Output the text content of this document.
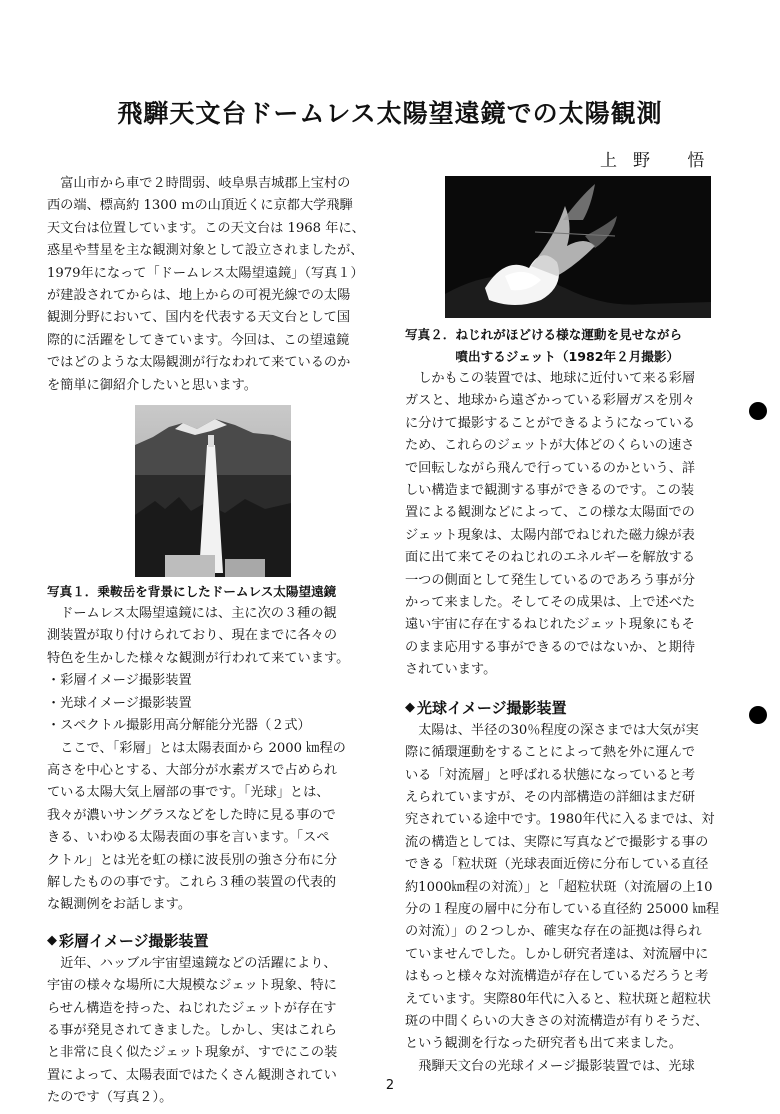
飛騨天文台ドームレス太陽望遠鏡での太陽観測
上野 悟

富山市から車で２時間弱、岐阜県吉城郡上宝村の
西の端、標高約 1300 ｍの山頂近くに京都大学飛騨
天文台は位置しています。この天文台は 1968 年に、
惑星や彗星を主な観測対象として設立されましたが、
1979年になって「ドームレス太陽望遠鏡」（写真１）
が建設されてからは、地上からの可視光線での太陽
観測分野において、国内を代表する天文台として国
際的に活躍をしてきています。今回は、この望遠鏡
ではどのような太陽観測が行なわれて来ているのか
を簡単に御紹介したいと思います。

写真１．乗鞍岳を背景にしたドームレス太陽望遠鏡

ドームレス太陽望遠鏡には、主に次の３種の観
測装置が取り付けられており、現在までに各々の
特色を生かした様々な観測が行われて来ています。

・彩層イメージ撮影装置
・光球イメージ撮影装置
・スペクトル撮影用高分解能分光器（２式）

ここで、「彩層」とは太陽表面から 2000 ㎞程の
高さを中心とする、大部分が水素ガスで占められ
ている太陽大気上層部の事です。「光球」とは、
我々が濃いサングラスなどをした時に見る事ので
きる、いわゆる太陽表面の事を言います。「スペ
クトル」とは光を虹の様に波長別の強さ分布に分
解したものの事です。これら３種の装置の代表的
な観測例をお話します。

◆ 彩層イメージ撮影装置

近年、ハッブル宇宙望遠鏡などの活躍により、
宇宙の様々な場所に大規模なジェット現象、特に
らせん構造を持った、ねじれたジェットが存在す
る事が発見されてきました。しかし、実はこれら
と非常に良く似たジェット現象が、すでにこの装
置によって、太陽表面ではたくさん観測されてい
たのです（写真２）。

写真２．ねじれがほどける様な運動を見せながら
　　　　噴出するジェット（1982年２月撮影）

しかもこの装置では、地球に近付いて来る彩層
ガスと、地球から遠ざかっている彩層ガスを別々
に分けて撮影することができるようになっている
ため、これらのジェットが大体どのくらいの速さ
で回転しながら飛んで行っているのかという、詳
しい構造まで観測する事ができるのです。この装
置による観測などによって、この様な太陽面での
ジェット現象は、太陽内部でねじれた磁力線が表
面に出て来てそのねじれのエネルギーを解放する
一つの側面として発生しているのであろう事が分
かって来ました。そしてその成果は、上で述べた
遠い宇宙に存在するねじれたジェット現象にもそ
のまま応用する事ができるのではないか、と期待
されています。

◆ 光球イメージ撮影装置

太陽は、半径の30％程度の深さまでは大気が実
際に循環運動をすることによって熱を外に運んで
いる「対流層」と呼ばれる状態になっていると考
えられていますが、その内部構造の詳細はまだ研
究されている途中です。1980年代に入るまでは、対
流の構造としては、実際に写真などで撮影する事の
できる「粒状斑（光球表面近傍に分布している直径
約1000㎞程の対流）」と「超粒状斑（対流層の上10
分の１程度の層中に分布している直径約 25000 ㎞程
の対流）」の２つしか、確実な存在の証拠は得られ
ていませんでした。しかし研究者達は、対流層中に
はもっと様々な対流構造が存在しているだろうと考
えています。実際80年代に入ると、粒状斑と超粒状
斑の中間くらいの大きさの対流構造が有りそうだ、
という観測を行なった研究者も出て来ました。

飛騨天文台の光球イメージ撮影装置では、光球

2
